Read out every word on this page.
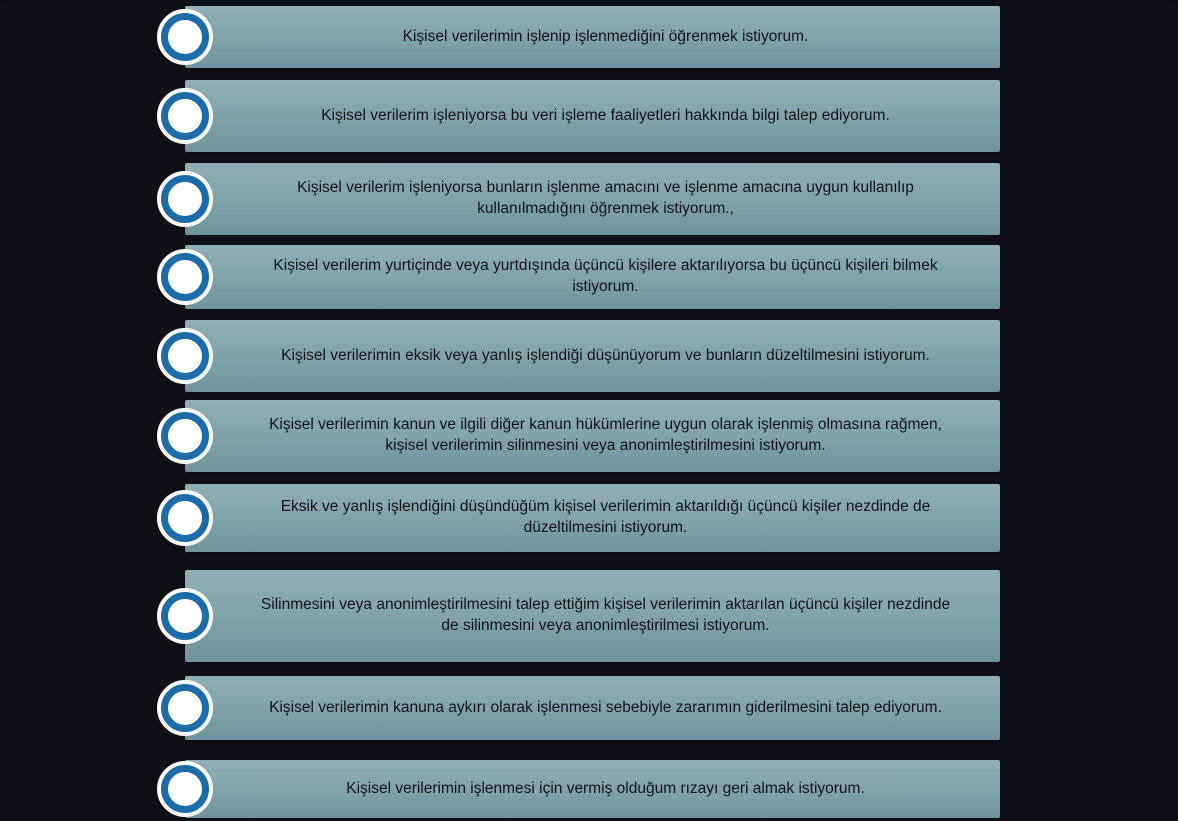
Kişisel verilerimin işlenip işlenmediğini öğrenmek istiyorum.
Kişisel verilerim işleniyorsa bu veri işleme faaliyetleri hakkında bilgi talep ediyorum.
Kişisel verilerim işleniyorsa bunların işlenme amacını ve işlenme amacına uygun kullanılıp kullanılmadığını öğrenmek istiyorum.,
Kişisel verilerim yurtiçinde veya yurtdışında üçüncü kişilere aktarılıyorsa bu üçüncü kişileri bilmek istiyorum.
Kişisel verilerimin eksik veya yanlış işlendiği düşünüyorum ve bunların düzeltilmesini istiyorum.
Kişisel verilerimin kanun ve ilgili diğer kanun hükümlerine uygun olarak işlenmiş olmasına rağmen, kişisel verilerimin silinmesini veya anonimleştirilmesini istiyorum.
Eksik ve yanlış işlendiğini düşündüğüm kişisel verilerimin aktarıldığı üçüncü kişiler nezdinde de düzeltilmesini istiyorum.
Silinmesini veya anonimleştirilmesini talep ettiğim kişisel verilerimin aktarılan üçüncü kişiler nezdinde de silinmesini veya anonimleştirilmesi istiyorum.
Kişisel verilerimin kanuna aykırı olarak işlenmesi sebebiyle zararımın giderilmesini talep ediyorum.
Kişisel verilerimin işlenmesi için vermiş olduğum rızayı geri almak istiyorum.
